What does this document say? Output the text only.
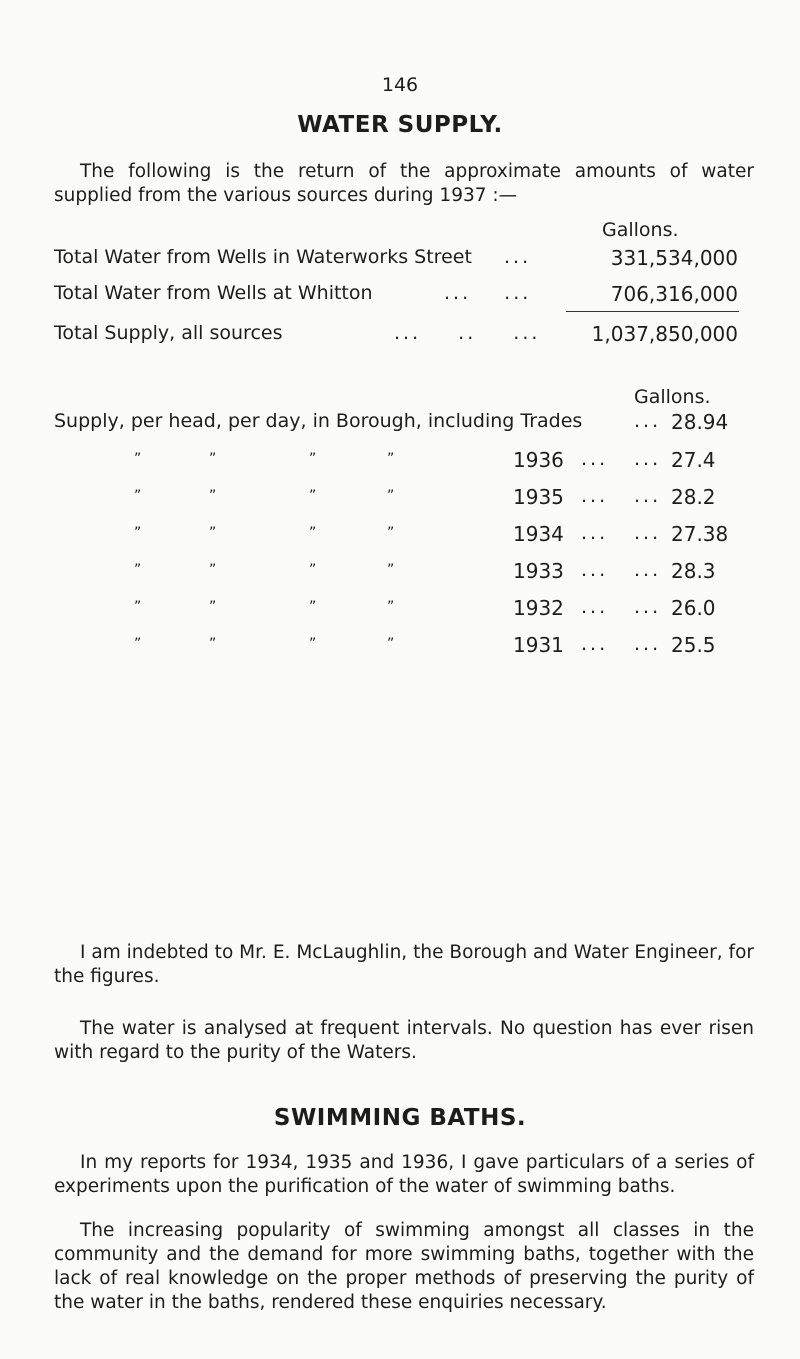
146
WATER SUPPLY.
The following is the return of the approximate amounts of water supplied from the various sources during 1937 :—
Gallons.
Total Water from Wells in Waterworks Street ...	331,534,000
Total Water from Wells at Whitton	... ...	706,316,000
Total Supply, all sources	... .. ...	1,037,850,000
Gallons.
Supply, per head, per day, in Borough, including Trades	... 28.94
”	”	”	”	1936 ... ... 27.4
”	”	”	”	1935 ... ... 28.2
”	”	”	”	1934 ... ... 27.38
”	”	”	”	1933 ... ... 28.3
”	”	”	”	1932 ... ... 26.0
”	”	”	”	1931 ... ... 25.5
I am indebted to Mr. E. McLaughlin, the Borough and Water Engineer, for the figures.
The water is analysed at frequent intervals. No question has ever risen with regard to the purity of the Waters.
SWIMMING BATHS.
In my reports for 1934, 1935 and 1936, I gave particulars of a series of experiments upon the purification of the water of swimming baths.
The increasing popularity of swimming amongst all classes in the community and the demand for more swimming baths, together with the lack of real knowledge on the proper methods of preserving the purity of the water in the baths, rendered these enquiries necessary.
